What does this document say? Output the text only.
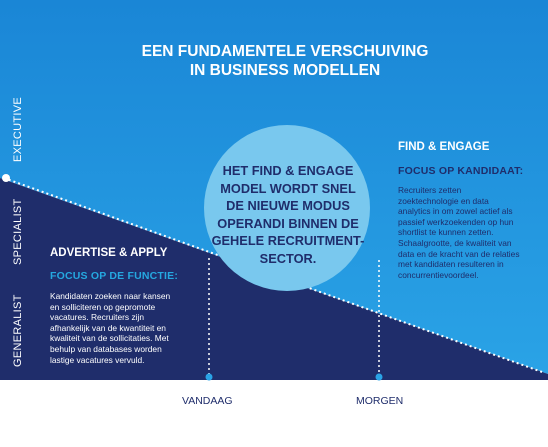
EEN FUNDAMENTELE VERSCHUIVING
IN BUSINESS MODELLEN
EXECUTIVE
SPECIALIST
GENERALIST
HET FIND & ENGAGE
MODEL WORDT SNEL
DE NIEUWE MODUS
OPERANDI BINNEN DE
GEHELE RECRUITMENT-
SECTOR.
ADVERTISE & APPLY
FOCUS OP DE FUNCTIE:
Kandidaten zoeken naar kansen
en solliciteren op gepromote
vacatures. Recruiters zijn
afhankelijk van de kwantiteit en
kwaliteit van de sollicitaties. Met
behulp van databases worden
lastige vacatures vervuld.
FIND & ENGAGE
FOCUS OP KANDIDAAT:
Recruiters zetten
zoektechnologie en data
analytics in om zowel actief als
passief werkzoekenden op hun
shortlist te kunnen zetten.
Schaalgrootte, de kwaliteit van
data en de kracht van de relaties
met kandidaten resulteren in
concurrentievoordeel.
VANDAAG	MORGEN
